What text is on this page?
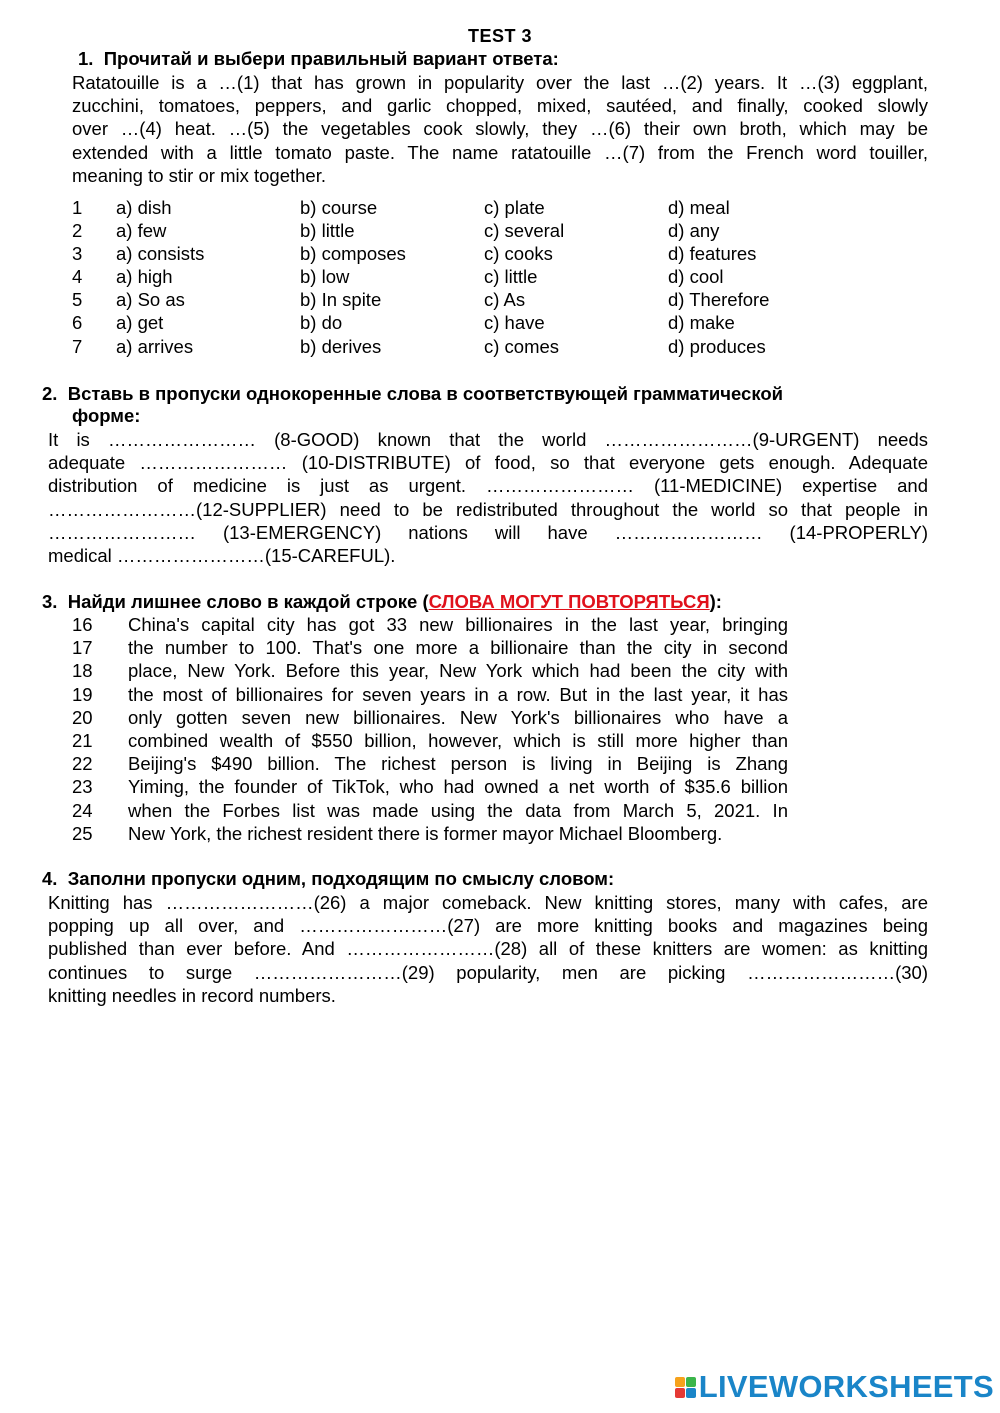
TEST 3
1. Прочитай и выбери правильный вариант ответа:
Ratatouille is a …(1) that has grown in popularity over the last …(2) years. It …(3) eggplant,
zucchini, tomatoes, peppers, and garlic chopped, mixed, sautéed, and finally, cooked slowly
over …(4) heat. …(5) the vegetables cook slowly, they …(6) their own broth, which may be
extended with a little tomato paste. The name ratatouille …(7) from the French word touiller,
meaning to stir or mix together.
1	a) dish	b) course	c) plate	d) meal
2	a) few	b) little	c) several	d) any
3	a) consists	b) composes	c) cooks	d) features
4	a) high	b) low	c) little	d) cool
5	a) So as	b) In spite	c) As	d) Therefore
6	a) get	b) do	c) have	d) make
7	a) arrives	b) derives	c) comes	d) produces
2. Вставь в пропуски однокоренные слова в соответствующей грамматической
форме:
It is …………………… (8-GOOD) known that the world ……………………(9-URGENT) needs
adequate …………………… (10-DISTRIBUTE) of food, so that everyone gets enough. Adequate
distribution of medicine is just as urgent. …………………… (11-MEDICINE) expertise and
……………………(12-SUPPLIER) need to be redistributed throughout the world so that people in
…………………… (13-EMERGENCY) nations will have …………………… (14-PROPERLY)
medical ……………………(15-CAREFUL).
3. Найди лишнее слово в каждой строке (СЛОВА МОГУТ ПОВТОРЯТЬСЯ):
16	China's capital city has got 33 new billionaires in the last year, bringing
17	the number to 100. That's one more a billionaire than the city in second
18	place, New York. Before this year, New York which had been the city with
19	the most of billionaires for seven years in a row. But in the last year, it has
20	only gotten seven new billionaires. New York's billionaires who have a
21	combined wealth of $550 billion, however, which is still more higher than
22	Beijing's $490 billion. The richest person is living in Beijing is Zhang
23	Yiming, the founder of TikTok, who had owned a net worth of $35.6 billion
24	when the Forbes list was made using the data from March 5, 2021. In
25	New York, the richest resident there is former mayor Michael Bloomberg.
4. Заполни пропуски одним, подходящим по смыслу словом:
Knitting has ……………………(26) a major comeback. New knitting stores, many with cafes, are
popping up all over, and ……………………(27) are more knitting books and magazines being
published than ever before. And ……………………(28) all of these knitters are women: as knitting
continues to surge ……………………(29) popularity, men are picking ……………………(30)
knitting needles in record numbers.
LIVEWORKSHEETS
